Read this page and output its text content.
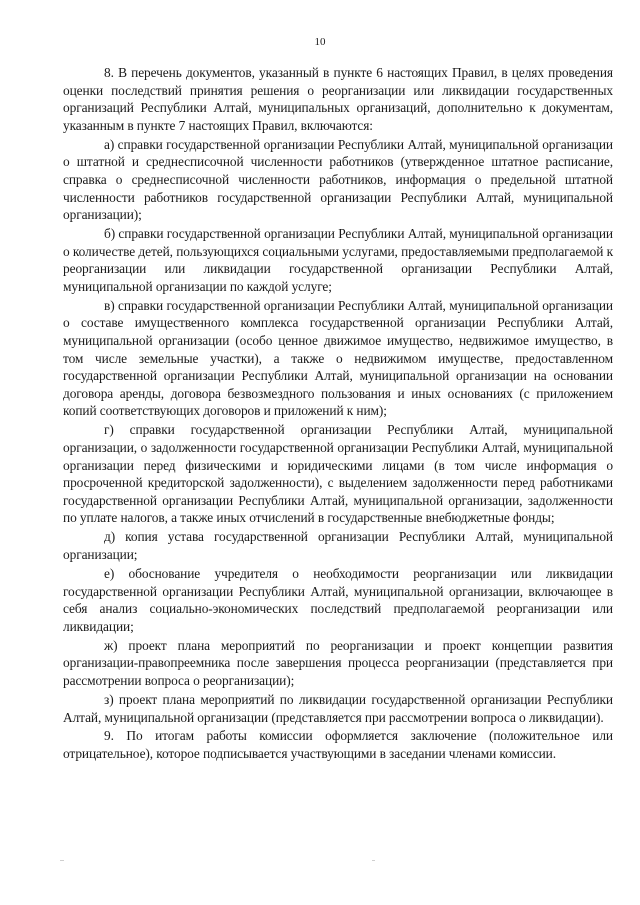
10

8. В перечень документов, указанный в пункте 6 настоящих Правил, в целях проведения оценки последствий принятия решения о реорганизации или ликвидации государственных организаций Республики Алтай, муниципальных организаций, дополнительно к документам, указанным в пункте 7 настоящих Правил, включаются:

а) справки государственной организации Республики Алтай, муниципальной организации о штатной и среднесписочной численности работников (утвержденное штатное расписание, справка о среднесписочной численности работников, информация о предельной штатной численности работников государственной организации Республики Алтай, муниципальной организации);

б) справки государственной организации Республики Алтай, муниципальной организации о количестве детей, пользующихся социальными услугами, предоставляемыми предполагаемой к реорганизации или ликвидации государственной организации Республики Алтай, муниципальной организации по каждой услуге;

в) справки государственной организации Республики Алтай, муниципальной организации о составе имущественного комплекса государственной организации Республики Алтай, муниципальной организации (особо ценное движимое имущество, недвижимое имущество, в том числе земельные участки), а также о недвижимом имуществе, предоставленном государственной организации Республики Алтай, муниципальной организации на основании договора аренды, договора безвозмездного пользования и иных основаниях (с приложением копий соответствующих договоров и приложений к ним);

г) справки государственной организации Республики Алтай, муниципальной организации, о задолженности государственной организации Республики Алтай, муниципальной организации перед физическими и юридическими лицами (в том числе информация о просроченной кредиторской задолженности), с выделением задолженности перед работниками государственной организации Республики Алтай, муниципальной организации, задолженности по уплате налогов, а также иных отчислений в государственные внебюджетные фонды;

д) копия устава государственной организации Республики Алтай, муниципальной организации;

е) обоснование учредителя о необходимости реорганизации или ликвидации государственной организации Республики Алтай, муниципальной организации, включающее в себя анализ социально-экономических последствий предполагаемой реорганизации или ликвидации;

ж) проект плана мероприятий по реорганизации и проект концепции развития организации-правопреемника после завершения процесса реорганизации (представляется при рассмотрении вопроса о реорганизации);

з) проект плана мероприятий по ликвидации государственной организации Республики Алтай, муниципальной организации (представляется при рассмотрении вопроса о ликвидации).

9. По итогам работы комиссии оформляется заключение (положительное или отрицательное), которое подписывается участвующими в заседании членами комиссии.
